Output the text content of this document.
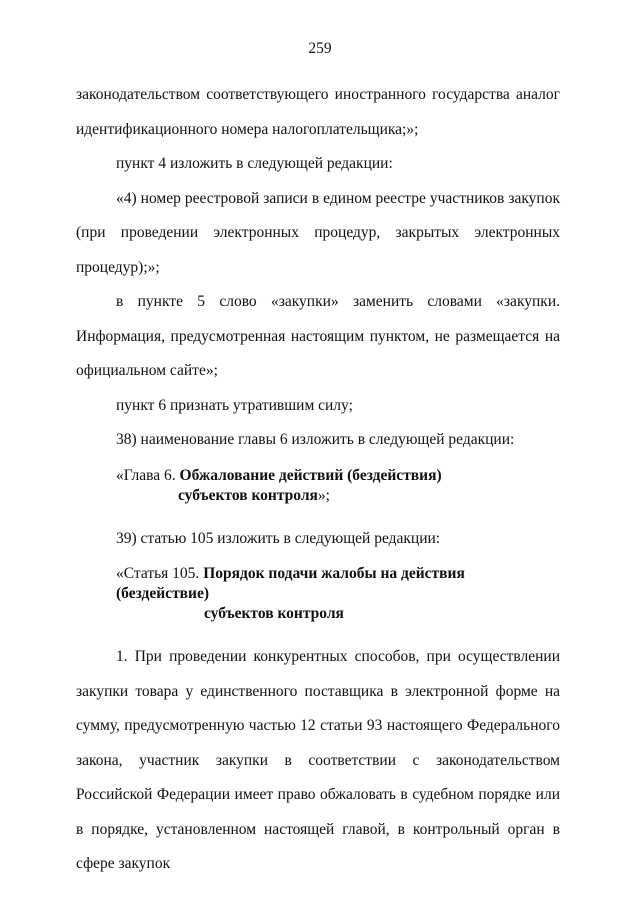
259

законодательством соответствующего иностранного государства аналог идентификационного номера налогоплательщика;»;

пункт 4 изложить в следующей редакции:

«4) номер реестровой записи в едином реестре участников закупок (при проведении электронных процедур, закрытых электронных процедур);»;

в пункте 5 слово «закупки» заменить словами «закупки. Информация, предусмотренная настоящим пунктом, не размещается на официальном сайте»;

пункт 6 признать утратившим силу;

38) наименование главы 6 изложить в следующей редакции:

«Глава 6. Обжалование действий (бездействия)
субъектов контроля»;

39) статью 105 изложить в следующей редакции:

«Статья 105. Порядок подачи жалобы на действия (бездействие)
субъектов контроля

1. При проведении конкурентных способов, при осуществлении закупки товара у единственного поставщика в электронной форме на сумму, предусмотренную частью 12 статьи 93 настоящего Федерального закона, участник закупки в соответствии с законодательством Российской Федерации имеет право обжаловать в судебном порядке или в порядке, установленном настоящей главой, в контрольный орган в сфере закупок
